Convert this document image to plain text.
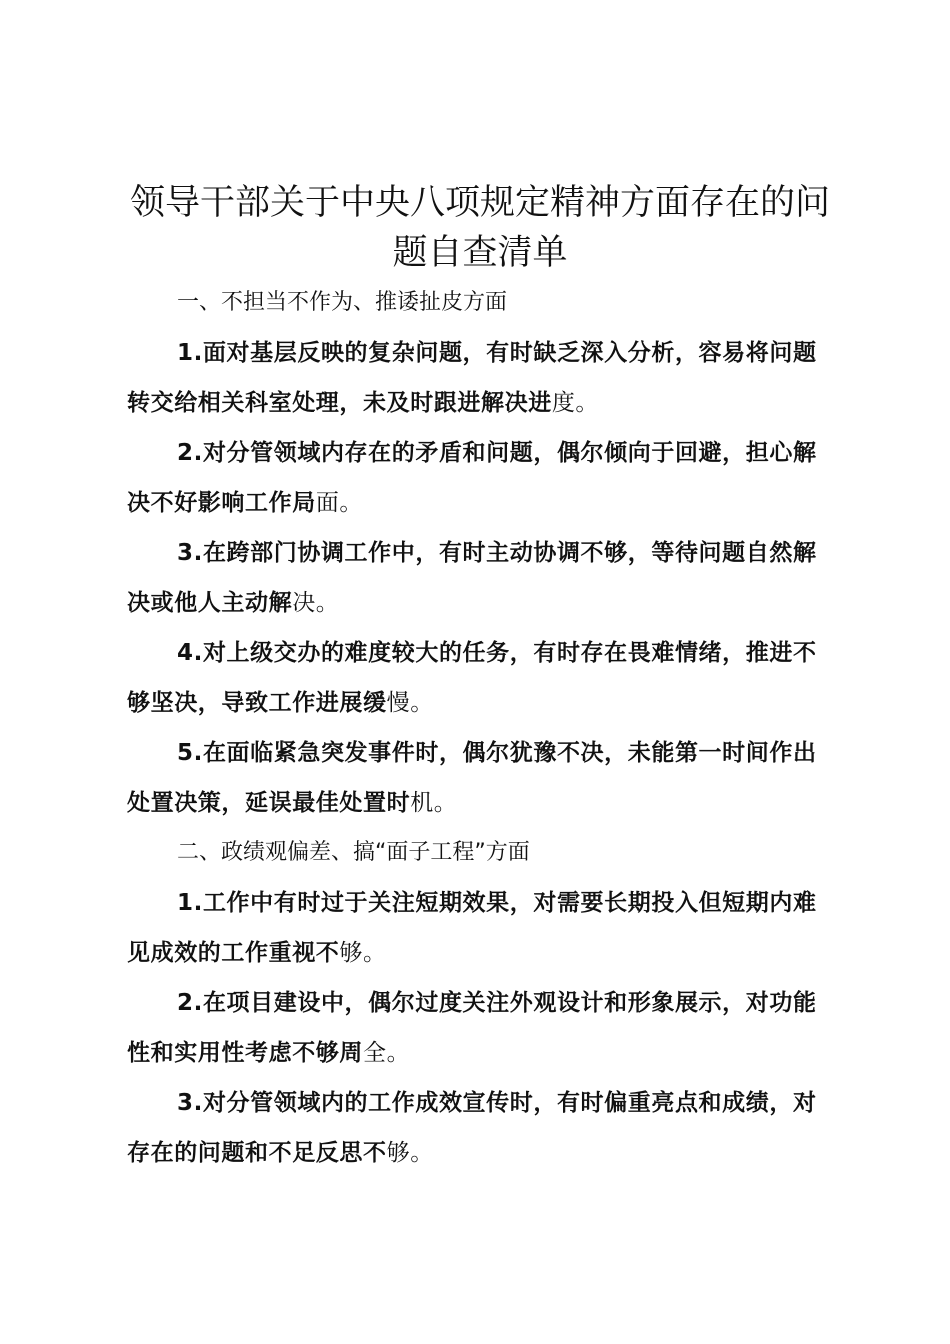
领导干部关于中央八项规定精神方面存在的问题自查清单

一、不担当不作为、推诿扯皮方面

1.面对基层反映的复杂问题，有时缺乏深入分析，容易将问题转交给相关科室处理，未及时跟进解决进度。

2.对分管领域内存在的矛盾和问题，偶尔倾向于回避，担心解决不好影响工作局面。

3.在跨部门协调工作中，有时主动协调不够，等待问题自然解决或他人主动解决。

4.对上级交办的难度较大的任务，有时存在畏难情绪，推进不够坚决，导致工作进展缓慢。

5.在面临紧急突发事件时，偶尔犹豫不决，未能第一时间作出处置决策，延误最佳处置时机。

二、政绩观偏差、搞“面子工程”方面

1.工作中有时过于关注短期效果，对需要长期投入但短期内难见成效的工作重视不够。

2.在项目建设中，偶尔过度关注外观设计和形象展示，对功能性和实用性考虑不够周全。

3.对分管领域内的工作成效宣传时，有时偏重亮点和成绩，对存在的问题和不足反思不够。
